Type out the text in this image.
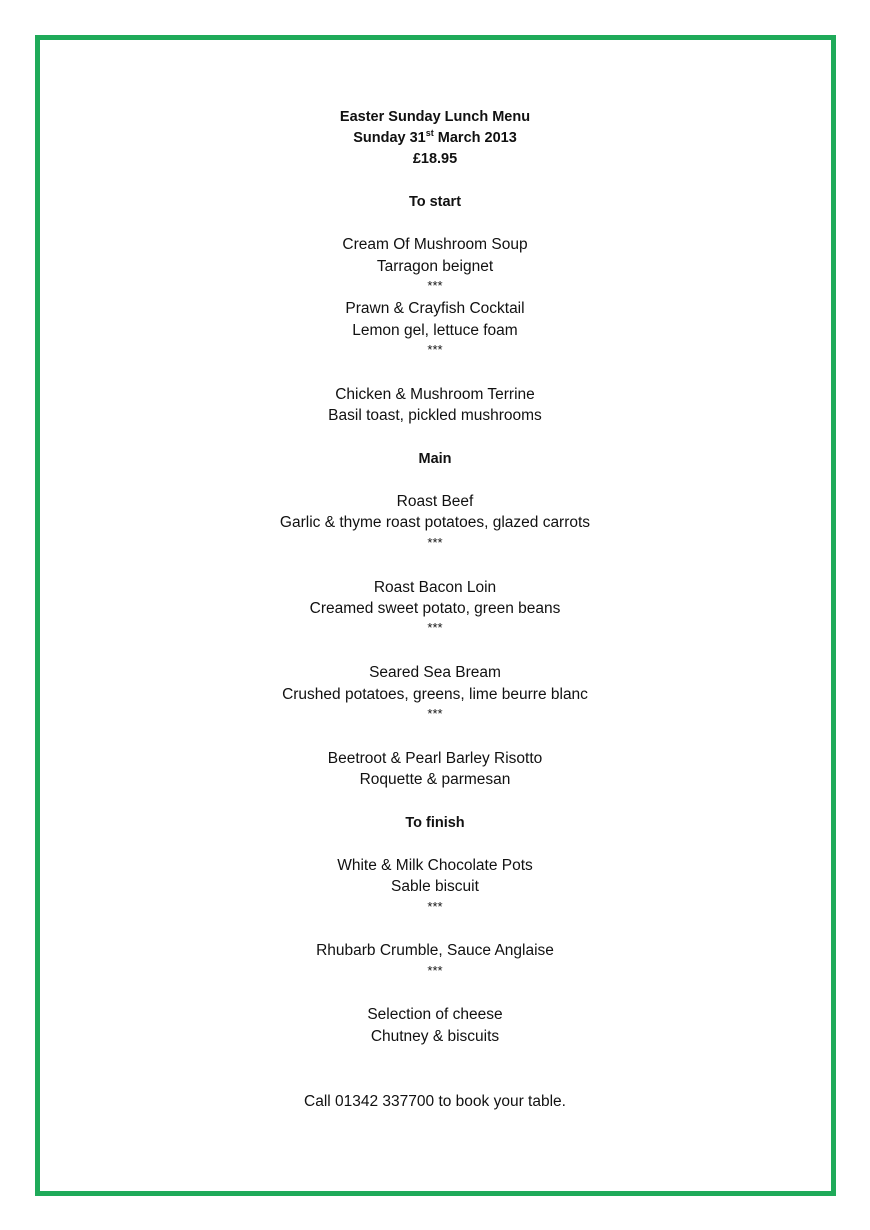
Easter Sunday Lunch Menu
Sunday 31st March 2013
£18.95
To start
Cream Of Mushroom Soup
Tarragon beignet
***
Prawn & Crayfish Cocktail
Lemon gel, lettuce foam
***
Chicken & Mushroom Terrine
Basil toast, pickled mushrooms
Main
Roast Beef
Garlic & thyme roast potatoes, glazed carrots
***
Roast Bacon Loin
Creamed sweet potato, green beans
***
Seared Sea Bream
Crushed potatoes, greens, lime beurre blanc
***
Beetroot & Pearl Barley Risotto
Roquette & parmesan
To finish
White & Milk Chocolate Pots
Sable biscuit
***
Rhubarb Crumble, Sauce Anglaise
***
Selection of cheese
Chutney & biscuits
Call 01342 337700 to book your table.
